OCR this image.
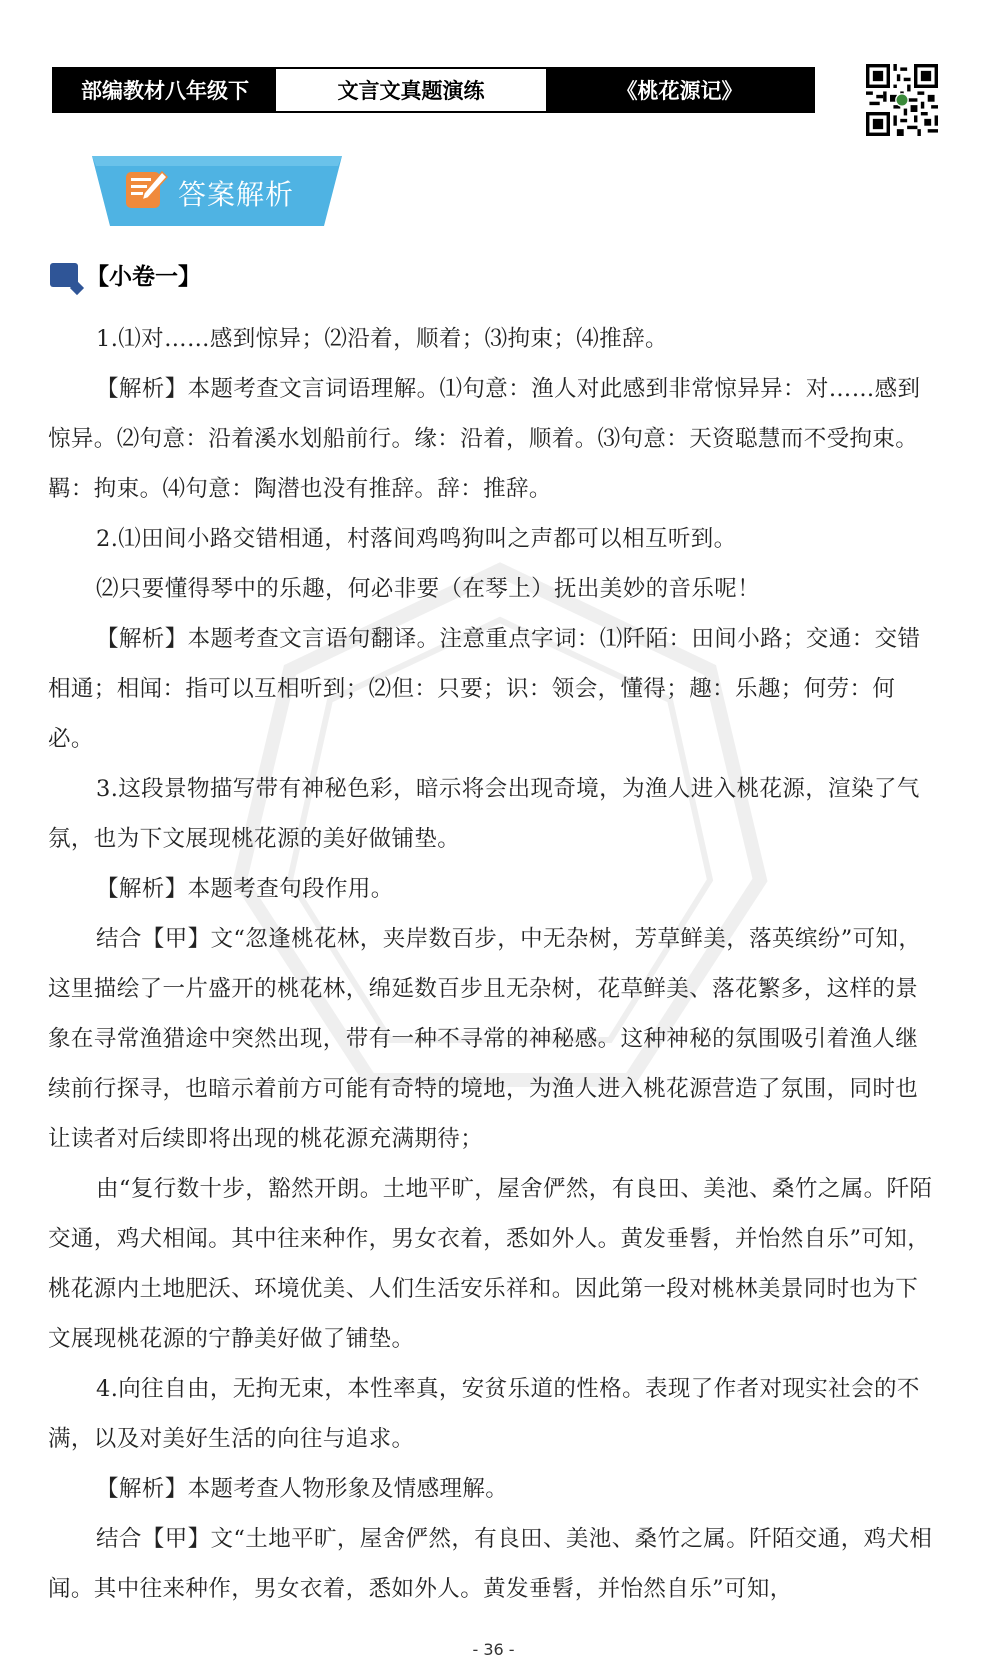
部编教材八年级下	文言文真题演练	《桃花源记》
答案解析
【小卷一】

1.⑴对……感到惊异；⑵沿着，顺着；⑶拘束；⑷推辞。

【解析】本题考查文言词语理解。⑴句意：渔人对此感到非常惊异异：对……感到惊异。⑵句意：沿着溪水划船前行。缘：沿着，顺着。⑶句意：天资聪慧而不受拘束。羁：拘束。⑷句意：陶潜也没有推辞。辞：推辞。

2.⑴田间小路交错相通，村落间鸡鸣狗叫之声都可以相互听到。

⑵只要懂得琴中的乐趣，何必非要（在琴上）抚出美妙的音乐呢！

【解析】本题考查文言语句翻译。注意重点字词：⑴阡陌：田间小路；交通：交错相通；相闻：指可以互相听到；⑵但：只要；识：领会，懂得；趣：乐趣；何劳：何必。

3.这段景物描写带有神秘色彩，暗示将会出现奇境，为渔人进入桃花源，渲染了气氛，也为下文展现桃花源的美好做铺垫。

【解析】本题考查句段作用。

结合【甲】文“忽逢桃花林，夹岸数百步，中无杂树，芳草鲜美，落英缤纷”可知，这里描绘了一片盛开的桃花林，绵延数百步且无杂树，花草鲜美、落花繁多，这样的景象在寻常渔猎途中突然出现，带有一种不寻常的神秘感。这种神秘的氛围吸引着渔人继续前行探寻，也暗示着前方可能有奇特的境地，为渔人进入桃花源营造了氛围，同时也让读者对后续即将出现的桃花源充满期待；

由“复行数十步，豁然开朗。土地平旷，屋舍俨然，有良田、美池、桑竹之属。阡陌交通，鸡犬相闻。其中往来种作，男女衣着，悉如外人。黄发垂髫，并怡然自乐”可知，桃花源内土地肥沃、环境优美、人们生活安乐祥和。因此第一段对桃林美景同时也为下文展现桃花源的宁静美好做了铺垫。

4.向往自由，无拘无束，本性率真，安贫乐道的性格。表现了作者对现实社会的不满，以及对美好生活的向往与追求。

【解析】本题考查人物形象及情感理解。

结合【甲】文“土地平旷，屋舍俨然，有良田、美池、桑竹之属。阡陌交通，鸡犬相闻。其中往来种作，男女衣着，悉如外人。黄发垂髫，并怡然自乐”可知，

- 36 -
